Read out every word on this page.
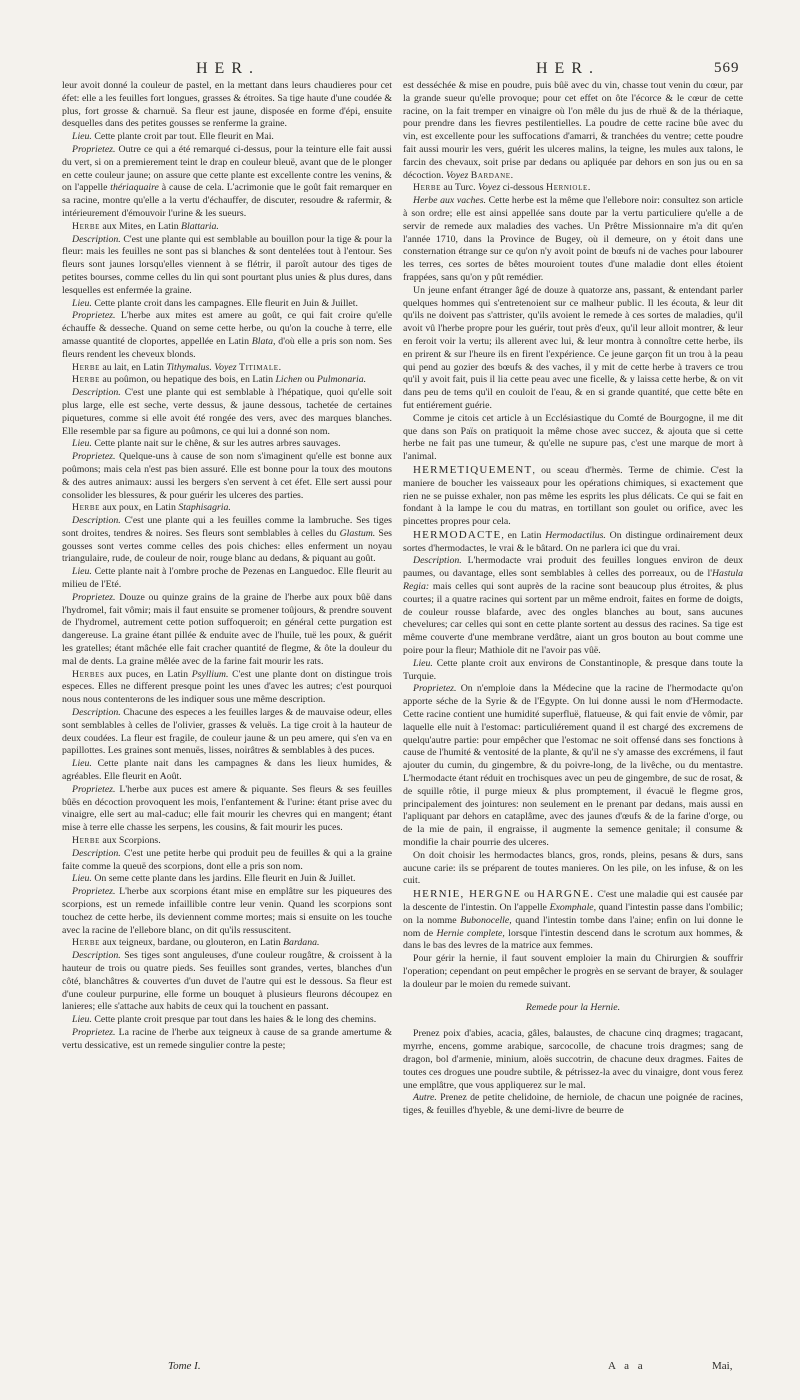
HER.	HER.	569

leur avoit donné la couleur de pastel, en la mettant dans leurs chaudieres pour cet éfet: elle a les feuilles fort longues, grasses & étroites. Sa tige haute d'une coudée & plus, fort grosse & charnuë. Sa fleur est jaune, disposée en forme d'épi, ensuite desquelles dans des petites gousses se renferme la graine.

Lieu. Cette plante croit par tout. Elle fleurit en Mai.

Proprietez. Outre ce qui a été remarqué ci-dessus, pour la teinture elle fait aussi du vert, si on a premierement teint le drap en couleur bleuë, avant que de le plonger en cette couleur jaune; on assure que cette plante est excellente contre les venins, & on l'appelle thériaquaire à cause de cela. L'acrimonie que le goût fait remarquer en sa racine, montre qu'elle a la vertu d'échauffer, de discuter, resoudre & rafermir, & intérieurement d'émouvoir l'urine & les sueurs.

Herbe aux Mites, en Latin Blattaria.

Description. C'est une plante qui est semblable au bouillon pour la tige & pour la fleur: mais les feuilles ne sont pas si blanches & sont dentelées tout à l'entour. Ses fleurs sont jaunes lorsqu'elles viennent à se flétrir, il paroît autour des tiges de petites bourses, comme celles du lin qui sont pourtant plus unies & plus dures, dans lesquelles est enfermée la graine.

Lieu. Cette plante croit dans les campagnes. Elle fleurit en Juin & Juillet.

Proprietez. L'herbe aux mites est amere au goût, ce qui fait croire qu'elle échauffe & desseche. Quand on seme cette herbe, ou qu'on la couche à terre, elle amasse quantité de cloportes, appellée en Latin Blata, d'où elle a pris son nom. Ses fleurs rendent les cheveux blonds.

Herbe au lait, en Latin Tithymalus. Voyez Titimale.

Herbe au poûmon, ou hepatique des bois, en Latin Lichen ou Pulmonaria.

Description. C'est une plante qui est semblable à l'hépatique, quoi qu'elle soit plus large, elle est seche, verte dessus, & jaune dessous, tachetée de certaines piquetures, comme si elle avoit été rongée des vers, avec des marques blanches. Elle resemble par sa figure au poûmons, ce qui lui a donné son nom.

Lieu. Cette plante nait sur le chêne, & sur les autres arbres sauvages.

Proprietez. Quelque-uns à cause de son nom s'imaginent qu'elle est bonne aux poûmons; mais cela n'est pas bien assuré. Elle est bonne pour la toux des moutons & des autres animaux: aussi les bergers s'en servent à cet éfet. Elle sert aussi pour consolider les blessures, & pour guérir les ulceres des parties.

Herbe aux poux, en Latin Staphisagria.

Description. C'est une plante qui a les feuilles comme la lambruche. Ses tiges sont droites, tendres & noires. Ses fleurs sont semblables à celles du Glastum. Ses gousses sont vertes comme celles des pois chiches: elles enferment un noyau triangulaire, rude, de couleur de noir, rouge blanc au dedans, & piquant au goût.

Lieu. Cette plante nait à l'ombre proche de Pezenas en Languedoc. Elle fleurit au milieu de l'Eté.

Proprietez. Douze ou quinze grains de la graine de l'herbe aux poux bûë dans l'hydromel, fait vômir; mais il faut ensuite se promener toûjours, & prendre souvent de l'hydromel, autrement cette potion suffoqueroit; en général cette purgation est dangereuse. La graine étant pillée & enduite avec de l'huile, tuë les poux, & guérit les gratelles; étant mâchée elle fait cracher quantité de flegme, & ôte la douleur du mal de dents. La graine mêlée avec de la farine fait mourir les rats.

Herbes aux puces, en Latin Psyllium. C'est une plante dont on distingue trois especes. Elles ne different presque point les unes d'avec les autres; c'est pourquoi nous nous contenterons de les indiquer sous une même description.

Description. Chacune des especes a les feuilles larges & de mauvaise odeur, elles sont semblables à celles de l'olivier, grasses & veluës. La tige croit à la hauteur de deux coudées. La fleur est fragile, de couleur jaune & un peu amere, qui s'en va en papillottes. Les graines sont menuës, lisses, noirâtres & semblables à des puces.

Lieu. Cette plante nait dans les campagnes & dans les lieux humides, & agréables. Elle fleurit en Août.

Proprietez. L'herbe aux puces est amere & piquante. Ses fleurs & ses feuilles bûës en décoction provoquent les mois, l'enfantement & l'urine: étant prise avec du vinaigre, elle sert au mal-caduc; elle fait mourir les chevres qui en mangent; étant mise à terre elle chasse les serpens, les cousins, & fait mourir les puces.

Herbe aux Scorpions.

Description. C'est une petite herbe qui produit peu de feuilles & qui a la graine faite comme la queuë des scorpions, dont elle a pris son nom.

Lieu. On seme cette plante dans les jardins. Elle fleurit en Juin & Juillet.

Proprietez. L'herbe aux scorpions étant mise en emplâtre sur les piqueures des scorpions, est un remede infaillible contre leur venin. Quand les scorpions sont touchez de cette herbe, ils deviennent comme mortes; mais si ensuite on les touche avec la racine de l'ellebore blanc, on dit qu'ils ressuscitent.

Herbe aux teigneux, bardane, ou glouteron, en Latin Bardana.

Description. Ses tiges sont anguleuses, d'une couleur rougâtre, & croissent à la hauteur de trois ou quatre pieds. Ses feuilles sont grandes, vertes, blanches d'un côté, blanchâtres & couvertes d'un duvet de l'autre qui est le dessous. Sa fleur est d'une couleur purpurine, elle forme un bouquet à plusieurs fleurons découpez en lanieres; elle s'attache aux habits de ceux qui la touchent en passant.

Lieu. Cette plante croit presque par tout dans les haies & le long des chemins.

Proprietez. La racine de l'herbe aux teigneux à cause de sa grande amertume & vertu dessicative, est un remede singulier contre la peste;

est desséchée & mise en poudre, puis bûë avec du vin, chasse tout venin du cœur, par la grande sueur qu'elle provoque; pour cet effet on ôte l'écorce & le cœur de cette racine, on la fait tremper en vinaigre où l'on mêle du jus de rhuë & de la thériaque, pour prendre dans les fievres pestilentielles. La poudre de cette racine bûe avec du vin, est excellente pour les suffocations d'amarri, & tranchées du ventre; cette poudre fait aussi mourir les vers, guérit les ulceres malins, la teigne, les mules aux talons, le farcin des chevaux, soit prise par dedans ou apliquée par dehors en son jus ou en sa décoction. Voyez Bardane.

Herbe au Turc. Voyez ci-dessous Herniole.

Herbe aux vaches. Cette herbe est la même que l'ellebore noir: consultez son article à son ordre; elle est ainsi appellée sans doute par la vertu particuliere qu'elle a de servir de remede aux maladies des vaches. Un Prêtre Missionnaire m'a dit qu'en l'année 1710, dans la Province de Bugey, où il demeure, on y étoit dans une consternation étrange sur ce qu'on n'y avoit point de bœufs ni de vaches pour labourer les terres, ces sortes de bêtes mouroient toutes d'une maladie dont elles étoient frappées, sans qu'on y pût remédier.

Un jeune enfant étranger âgé de douze à quatorze ans, passant, & entendant parler quelques hommes qui s'entretenoient sur ce malheur public. Il les écouta, & leur dit qu'ils ne doivent pas s'attrister, qu'ils avoient le remede à ces sortes de maladies, qu'il avoit vû l'herbe propre pour les guérir, tout près d'eux, qu'il leur alloit montrer, & leur en feroit voir la vertu; ils allerent avec lui, & leur montra à connoître cette herbe, ils en prirent & sur l'heure ils en firent l'expérience. Ce jeune garçon fit un trou à la peau qui pend au gozier des bœufs & des vaches, il y mit de cette herbe à travers ce trou qu'il y avoit fait, puis il lia cette peau avec une ficelle, & y laissa cette herbe, & on vit dans peu de tems qu'il en couloit de l'eau, & en si grande quantité, que cette bête en fut entiérement guérie.

Comme je citois cet article à un Ecclésiastique du Comté de Bourgogne, il me dit que dans son Païs on pratiquoit la même chose avec succez, & ajouta que si cette herbe ne fait pas une tumeur, & qu'elle ne supure pas, c'est une marque de mort à l'animal.

HERMETIQUEMENT, ou sceau d'hermès. Terme de chimie. C'est la maniere de boucher les vaisseaux pour les opérations chimiques, si exactement que rien ne se puisse exhaler, non pas même les esprits les plus délicats. Ce qui se fait en fondant à la lampe le cou du matras, en tortillant son goulet ou orifice, avec les pincettes propres pour cela.

HERMODACTE, en Latin Hermodactilus. On distingue ordinairement deux sortes d'hermodactes, le vrai & le bâtard. On ne parlera ici que du vrai.

Description. L'hermodacte vrai produit des feuilles longues environ de deux paumes, ou davantage, elles sont semblables à celles des porreaux, ou de l'Hastula Regia: mais celles qui sont auprès de la racine sont beaucoup plus étroites, & plus courtes; il a quatre racines qui sortent par un même endroit, faites en forme de doigts, de couleur rousse blafarde, avec des ongles blanches au bout, sans aucunes chevelures; car celles qui sont en cette plante sortent au dessus des racines. Sa tige est même couverte d'une membrane verdâtre, aiant un gros bouton au bout comme une poire pour la fleur; Mathiole dit ne l'avoir pas vûë.

Lieu. Cette plante croit aux environs de Constantinople, & presque dans toute la Turquie.

Proprietez. On n'emploie dans la Médecine que la racine de l'hermodacte qu'on apporte séche de la Syrie & de l'Egypte. On lui donne aussi le nom d'Hermodacte. Cette racine contient une humidité superfluë, flatueuse, & qui fait envie de vômir, par laquelle elle nuit à l'estomac: particuliérement quand il est chargé des excremens de quelqu'autre partie: pour empêcher que l'estomac ne soit offensé dans ses fonctions à cause de l'humité & ventosité de la plante, & qu'il ne s'y amasse des excrémens, il faut ajouter du cumin, du gingembre, & du poivre-long, de la livêche, ou du mentastre. L'hermodacte étant réduit en trochisques avec un peu de gingembre, de suc de rosat, & de squille rôtie, il purge mieux & plus promptement, il évacuë le flegme gros, principalement des jointures: non seulement en le prenant par dedans, mais aussi en l'apliquant par dehors en cataplâme, avec des jaunes d'œufs & de la farine d'orge, ou de la mie de pain, il engraisse, il augmente la semence genitale; il consume & mondifie la chair pourrie des ulceres.

On doit choisir les hermodactes blancs, gros, ronds, pleins, pesans & durs, sans aucune carie: ils se préparent de toutes manieres. On les pile, on les infuse, & on les cuit.

HERNIE, HERGNE ou HARGNE. C'est une maladie qui est causée par la descente de l'intestin. On l'appelle Exomphale, quand l'intestin passe dans l'ombilic; on la nomme Bubonocelle, quand l'intestin tombe dans l'aine; enfin on lui donne le nom de Hernie complete, lorsque l'intestin descend dans le scrotum aux hommes, & dans le bas des levres de la matrice aux femmes.

Pour gérir la hernie, il faut souvent emploier la main du Chirurgien & souffrir l'operation; cependant on peut empêcher le progrès en se servant de brayer, & soulager la douleur par le moien du remede suivant.

Remede pour la Hernie.

Prenez poix d'abies, acacia, gâles, balaustes, de chacune cinq dragmes; tragacant, myrrhe, encens, gomme arabique, sarcocolle, de chacune trois dragmes; sang de dragon, bol d'armenie, minium, aloës succotrin, de chacune deux dragmes. Faites de toutes ces drogues une poudre subtile, & pétrissez-la avec du vinaigre, dont vous ferez une emplâtre, que vous appliquerez sur le mal.

Autre. Prenez de petite chelidoine, de herniole, de chacun une poignée de racines, tiges, & feuilles d'hyeble, & une demi-livre de beurre de

Tome I.	A a a	Mai,
